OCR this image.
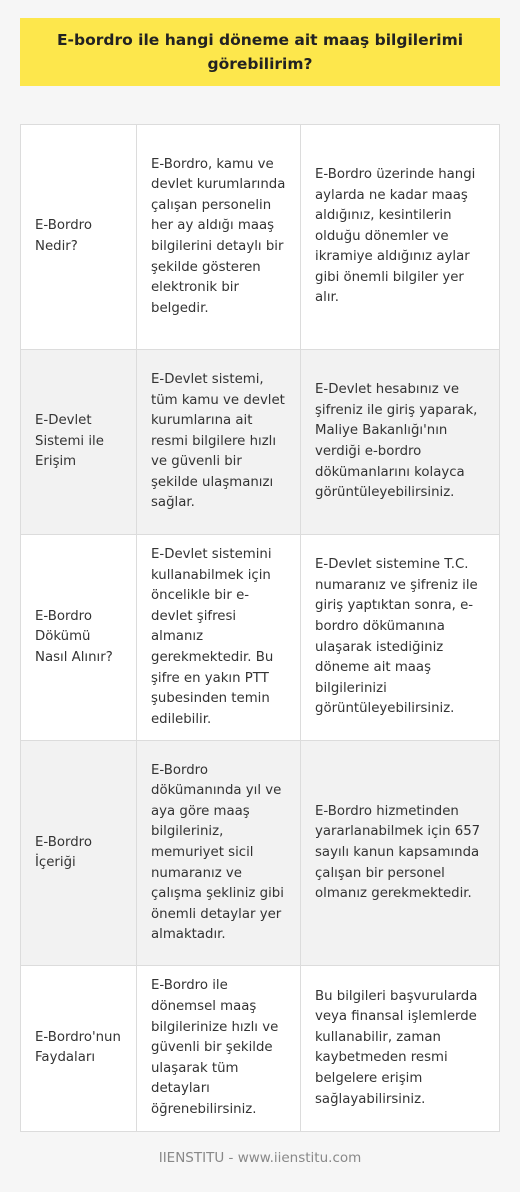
E-bordro ile hangi döneme ait maaş bilgilerimi görebilirim?
E-Bordro Nedir?	E-Bordro, kamu ve devlet kurumlarında çalışan personelin her ay aldığı maaş bilgilerini detaylı bir şekilde gösteren elektronik bir belgedir.	E-Bordro üzerinde hangi aylarda ne kadar maaş aldığınız, kesintilerin olduğu dönemler ve ikramiye aldığınız aylar gibi önemli bilgiler yer alır.
E-Devlet Sistemi ile Erişim	E-Devlet sistemi, tüm kamu ve devlet kurumlarına ait resmi bilgilere hızlı ve güvenli bir şekilde ulaşmanızı sağlar.	E-Devlet hesabınız ve şifreniz ile giriş yaparak, Maliye Bakanlığı'nın verdiği e-bordro dökümanlarını kolayca görüntüleyebilirsiniz.
E-Bordro Dökümü Nasıl Alınır?	E-Devlet sistemini kullanabilmek için öncelikle bir e-devlet şifresi almanız gerekmektedir. Bu şifre en yakın PTT şubesinden temin edilebilir.	E-Devlet sistemine T.C. numaranız ve şifreniz ile giriş yaptıktan sonra, e-bordro dökümanına ulaşarak istediğiniz döneme ait maaş bilgilerinizi görüntüleyebilirsiniz.
E-Bordro İçeriği	E-Bordro dökümanında yıl ve aya göre maaş bilgileriniz, memuriyet sicil numaranız ve çalışma şekliniz gibi önemli detaylar yer almaktadır.	E-Bordro hizmetinden yararlanabilmek için 657 sayılı kanun kapsamında çalışan bir personel olmanız gerekmektedir.
E-Bordro'nun Faydaları	E-Bordro ile dönemsel maaş bilgilerinize hızlı ve güvenli bir şekilde ulaşarak tüm detayları öğrenebilirsiniz.	Bu bilgileri başvurularda veya finansal işlemlerde kullanabilir, zaman kaybetmeden resmi belgelere erişim sağlayabilirsiniz.
IIENSTITU - www.iienstitu.com
